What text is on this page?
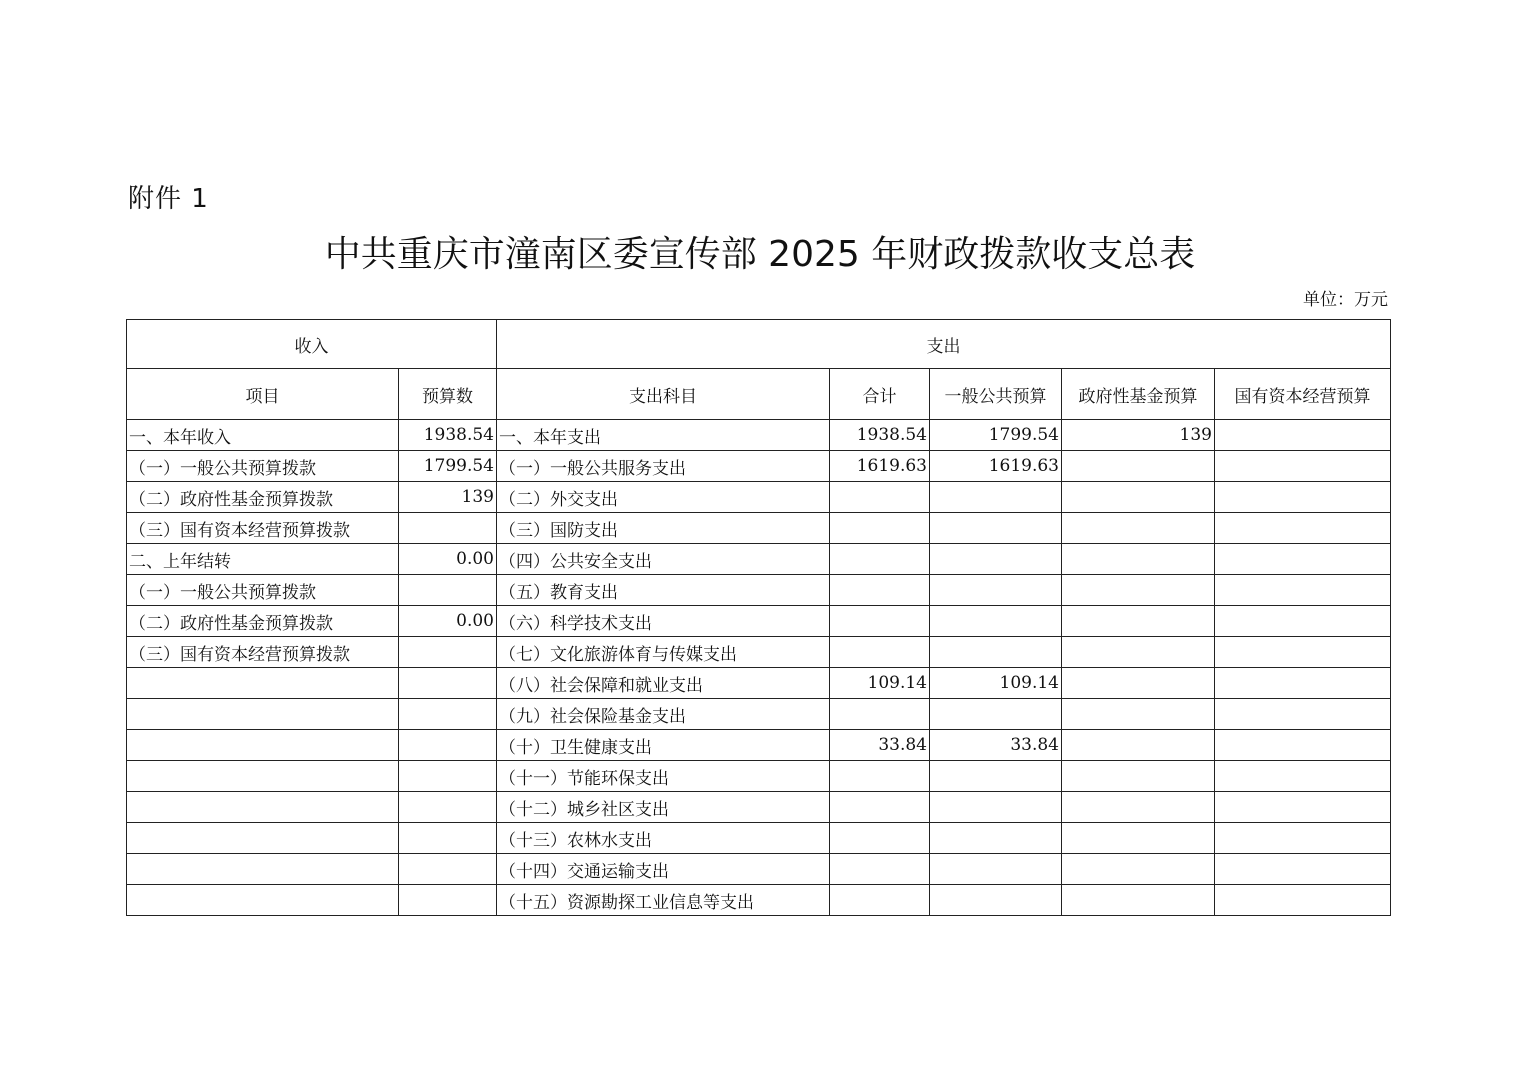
附件 1
中共重庆市潼南区委宣传部 2025 年财政拨款收支总表
单位：万元
收入		支出				
项目	预算数	支出科目	合计	一般公共预算	政府性基金预算	国有资本经营预算
一、本年收入	1938.54	一、本年支出	1938.54	1799.54	139	
（一）一般公共预算拨款	1799.54	（一）一般公共服务支出	1619.63	1619.63		
（二）政府性基金预算拨款	139	（二）外交支出				
（三）国有资本经营预算拨款		（三）国防支出				
二、上年结转	0.00	（四）公共安全支出				
（一）一般公共预算拨款		（五）教育支出				
（二）政府性基金预算拨款	0.00	（六）科学技术支出				
（三）国有资本经营预算拨款		（七）文化旅游体育与传媒支出				
		（八）社会保障和就业支出	109.14	109.14		
		（九）社会保险基金支出				
		（十）卫生健康支出	33.84	33.84		
		（十一）节能环保支出				
		（十二）城乡社区支出				
		（十三）农林水支出				
		（十四）交通运输支出				
		（十五）资源勘探工业信息等支出				
